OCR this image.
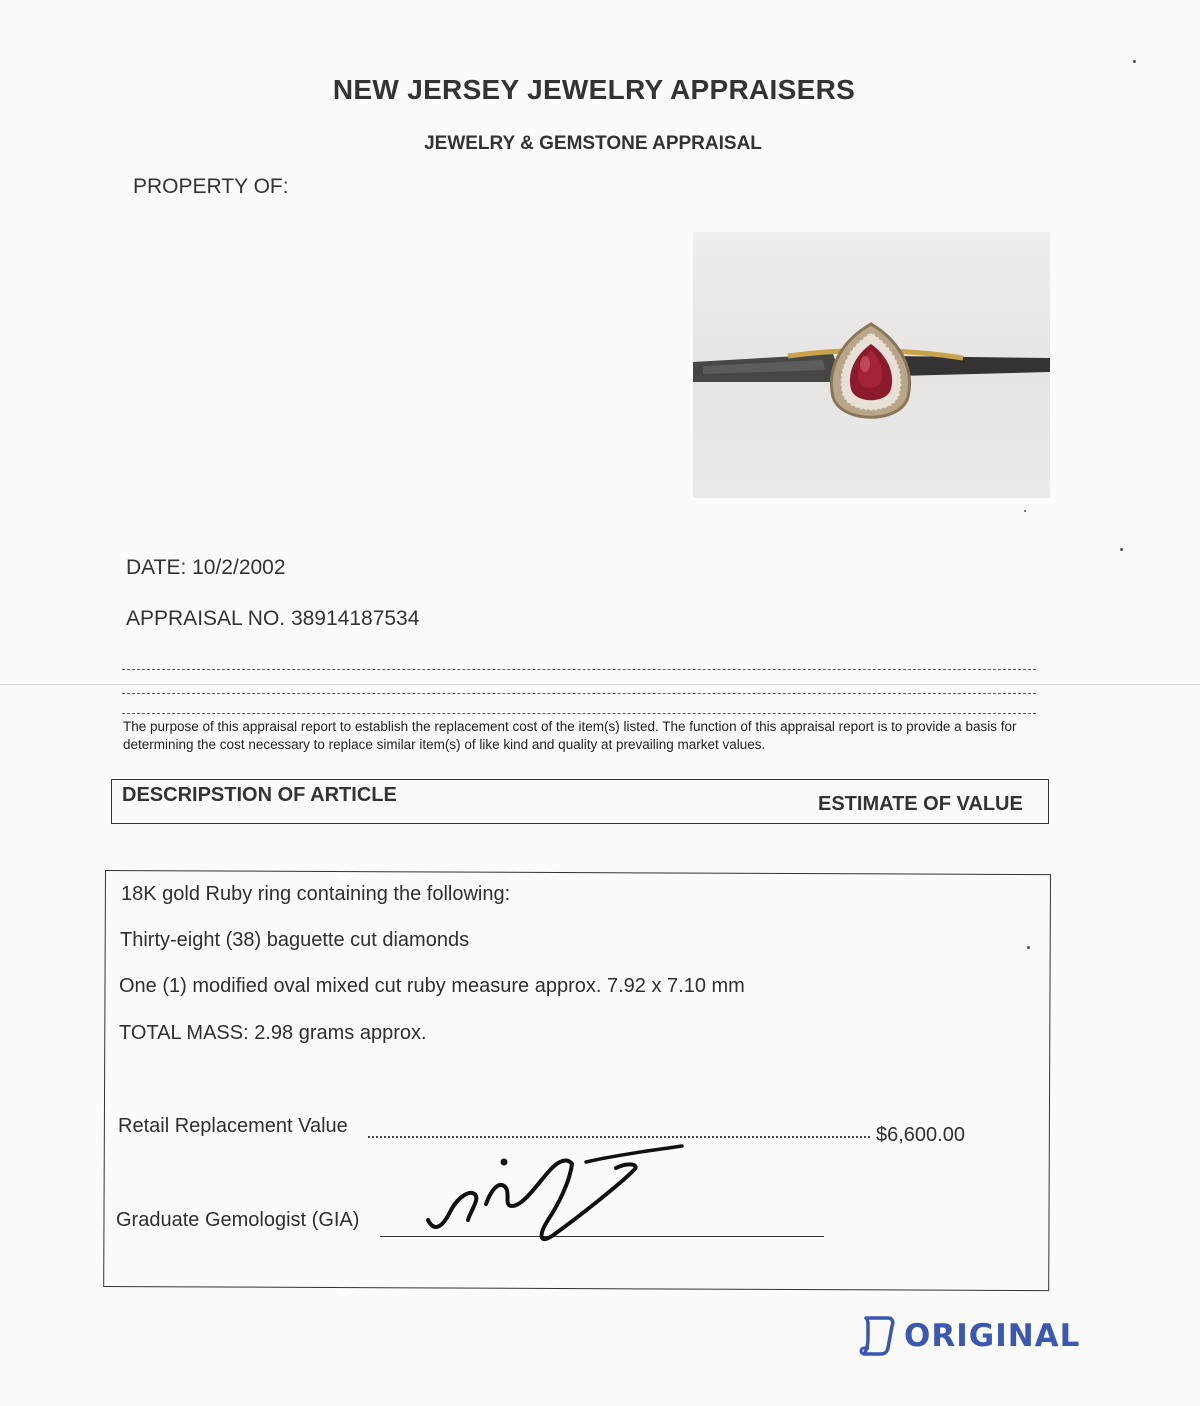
NEW JERSEY JEWELRY APPRAISERS
JEWELRY & GEMSTONE APPRAISAL
PROPERTY OF:
DATE: 10/2/2002
APPRAISAL NO. 38914187534
The purpose of this appraisal report to establish the replacement cost of the item(s) listed. The function of this appraisal report is to provide a basis for determining the cost necessary to replace similar item(s) of like kind and quality at prevailing market values.
DESCRIPSTION OF ARTICLE	ESTIMATE OF VALUE
18K gold Ruby ring containing the following:
Thirty-eight (38) baguette cut diamonds
One (1) modified oval mixed cut ruby measure approx. 7.92 x 7.10 mm
TOTAL MASS: 2.98 grams approx.
Retail Replacement Value	$6,600.00
Graduate Gemologist (GIA)
ORIGINAL
